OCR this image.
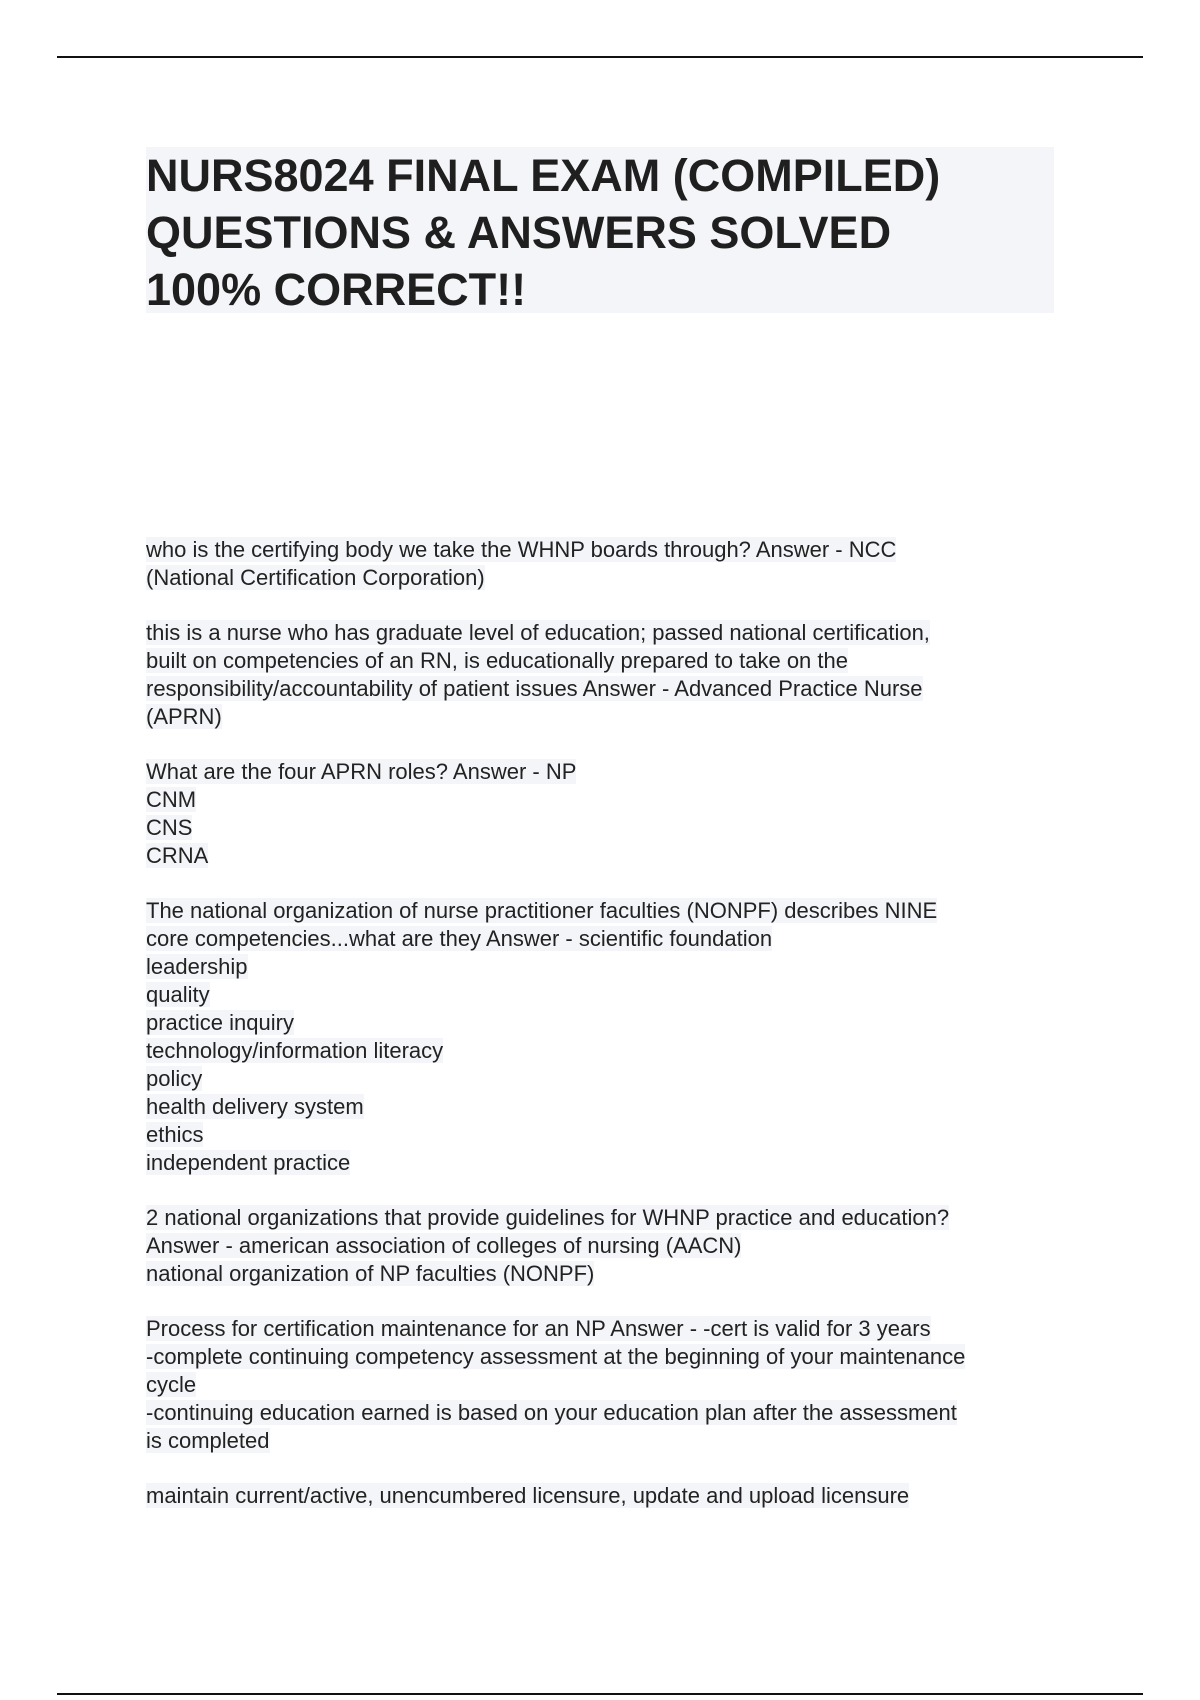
NURS8024 FINAL EXAM (COMPILED)
QUESTIONS & ANSWERS SOLVED
100% CORRECT!!
who is the certifying body we take the WHNP boards through? Answer - NCC
(National Certification Corporation)
this is a nurse who has graduate level of education; passed national certification,
built on competencies of an RN, is educationally prepared to take on the
responsibility/accountability of patient issues Answer - Advanced Practice Nurse
(APRN)
What are the four APRN roles? Answer - NP
CNM
CNS
CRNA
The national organization of nurse practitioner faculties (NONPF) describes NINE
core competencies...what are they Answer - scientific foundation
leadership
quality
practice inquiry
technology/information literacy
policy
health delivery system
ethics
independent practice
2 national organizations that provide guidelines for WHNP practice and education?
Answer - american association of colleges of nursing (AACN)
national organization of NP faculties (NONPF)
Process for certification maintenance for an NP Answer - -cert is valid for 3 years
-complete continuing competency assessment at the beginning of your maintenance
cycle
-continuing education earned is based on your education plan after the assessment
is completed
maintain current/active, unencumbered licensure, update and upload licensure
